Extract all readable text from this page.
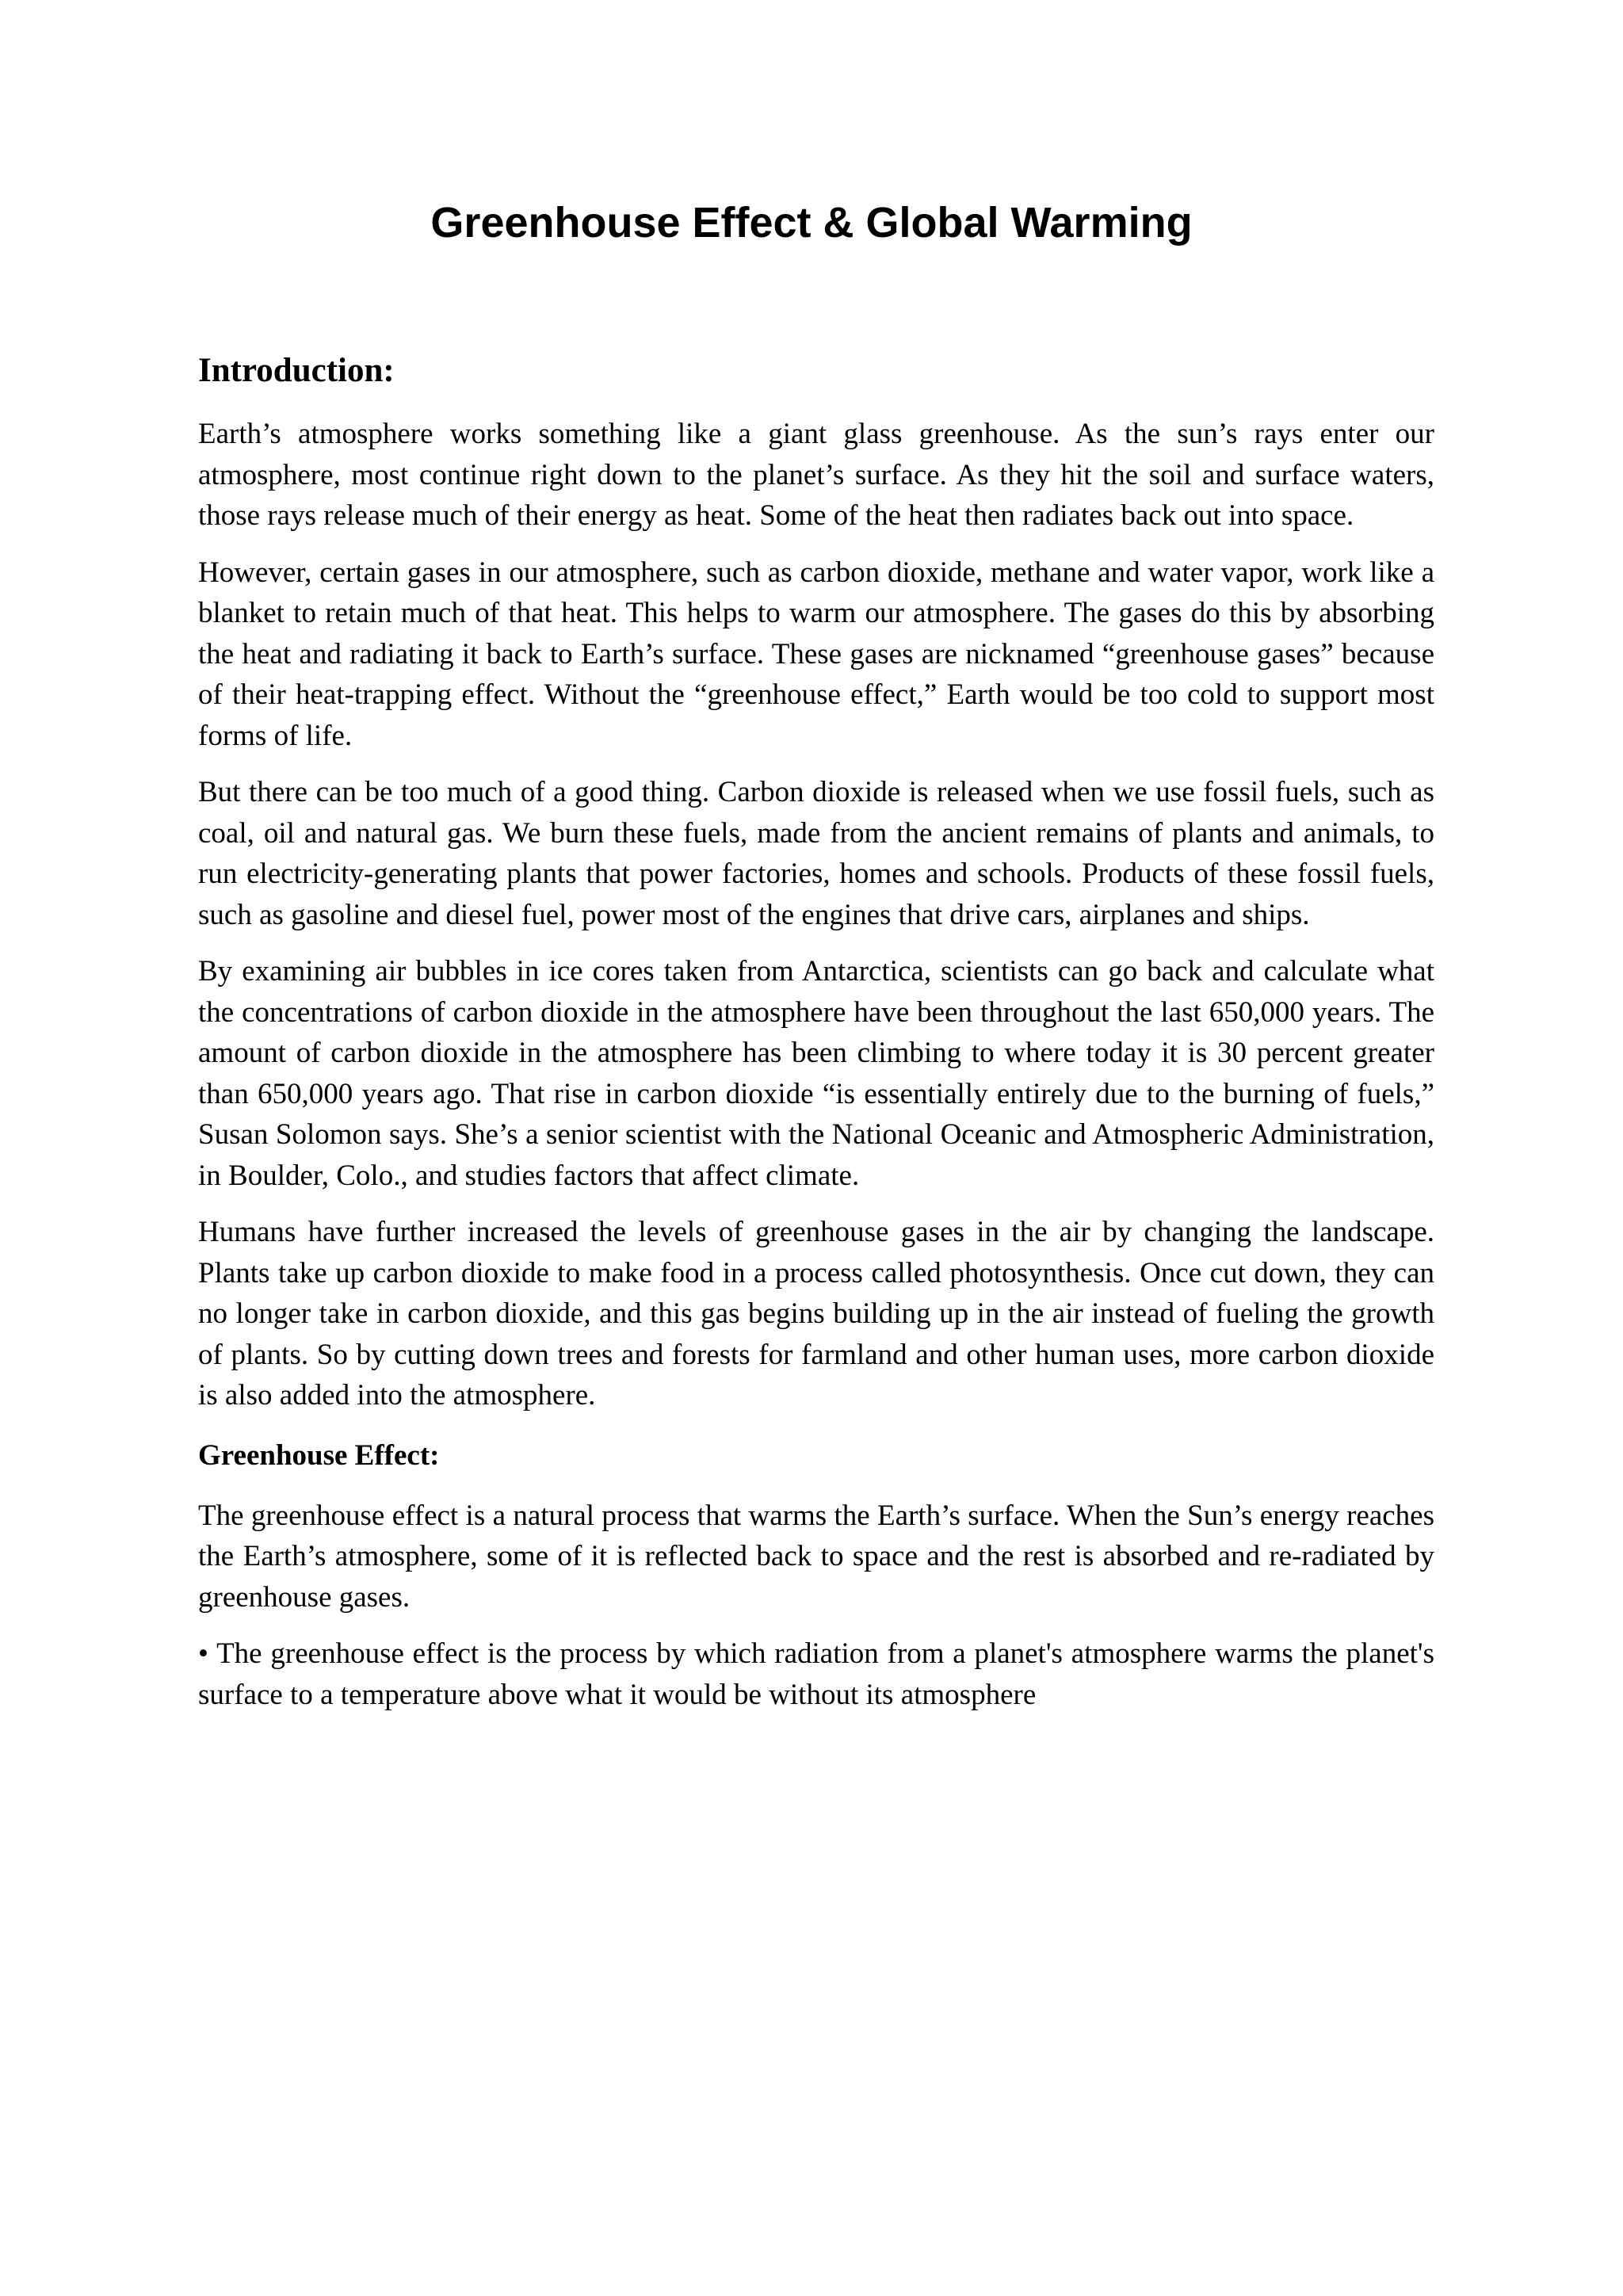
Greenhouse Effect & Global Warming
Introduction:

Earth’s atmosphere works something like a giant glass greenhouse. As the sun’s rays enter our atmosphere, most continue right down to the planet’s surface. As they hit the soil and surface waters, those rays release much of their energy as heat. Some of the heat then radiates back out into space.

However, certain gases in our atmosphere, such as carbon dioxide, methane and water vapor, work like a blanket to retain much of that heat. This helps to warm our atmosphere. The gases do this by absorbing the heat and radiating it back to Earth’s surface. These gases are nicknamed “greenhouse gases” because of their heat-trapping effect. Without the “greenhouse effect,” Earth would be too cold to support most forms of life.

But there can be too much of a good thing. Carbon dioxide is released when we use fossil fuels, such as coal, oil and natural gas. We burn these fuels, made from the ancient remains of plants and animals, to run electricity-generating plants that power factories, homes and schools. Products of these fossil fuels, such as gasoline and diesel fuel, power most of the engines that drive cars, airplanes and ships.

By examining air bubbles in ice cores taken from Antarctica, scientists can go back and calculate what the concentrations of carbon dioxide in the atmosphere have been throughout the last 650,000 years. The amount of carbon dioxide in the atmosphere has been climbing to where today it is 30 percent greater than 650,000 years ago. That rise in carbon dioxide “is essentially entirely due to the burning of fuels,” Susan Solomon says. She’s a senior scientist with the National Oceanic and Atmospheric Administration, in Boulder, Colo., and studies factors that affect climate.

Humans have further increased the levels of greenhouse gases in the air by changing the landscape. Plants take up carbon dioxide to make food in a process called photosynthesis. Once cut down, they can no longer take in carbon dioxide, and this gas begins building up in the air instead of fueling the growth of plants. So by cutting down trees and forests for farmland and other human uses, more carbon dioxide is also added into the atmosphere.

Greenhouse Effect:

The greenhouse effect is a natural process that warms the Earth’s surface. When the Sun’s energy reaches the Earth’s atmosphere, some of it is reflected back to space and the rest is absorbed and re-radiated by greenhouse gases.

• The greenhouse effect is the process by which radiation from a planet's atmosphere warms the planet's surface to a temperature above what it would be without its atmosphere
